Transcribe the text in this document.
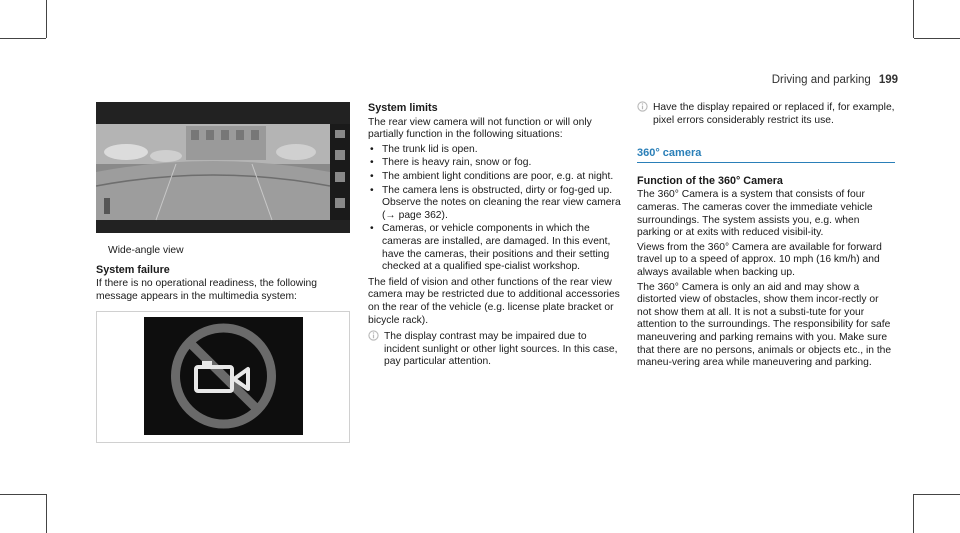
Driving and parking 199
Wide-angle view
System failure
If there is no operational readiness, the following message appears in the multimedia system:
System limits
The rear view camera will not function or will only partially function in the following situations:
• The trunk lid is open.
• There is heavy rain, snow or fog.
• The ambient light conditions are poor, e.g. at night.
• The camera lens is obstructed, dirty or fog-ged up. Observe the notes on cleaning the rear view camera (→ page 362).
• Cameras, or vehicle components in which the cameras are installed, are damaged. In this event, have the cameras, their positions and their setting checked at a qualified spe-cialist workshop.
The field of vision and other functions of the rear view camera may be restricted due to additional accessories on the rear of the vehicle (e.g. license plate bracket or bicycle rack).
The display contrast may be impaired due to incident sunlight or other light sources. In this case, pay particular attention.
Have the display repaired or replaced if, for example, pixel errors considerably restrict its use.
360° camera
Function of the 360° Camera
The 360° Camera is a system that consists of four cameras. The cameras cover the immediate vehicle surroundings. The system assists you, e.g. when parking or at exits with reduced visibil-ity.
Views from the 360° Camera are available for forward travel up to a speed of approx. 10 mph (16 km/h) and always available when backing up.
The 360° Camera is only an aid and may show a distorted view of obstacles, show them incor-rectly or not show them at all. It is not a substi-tute for your attention to the surroundings. The responsibility for safe maneuvering and parking remains with you. Make sure that there are no persons, animals or objects etc., in the maneu-vering area while maneuvering and parking.
